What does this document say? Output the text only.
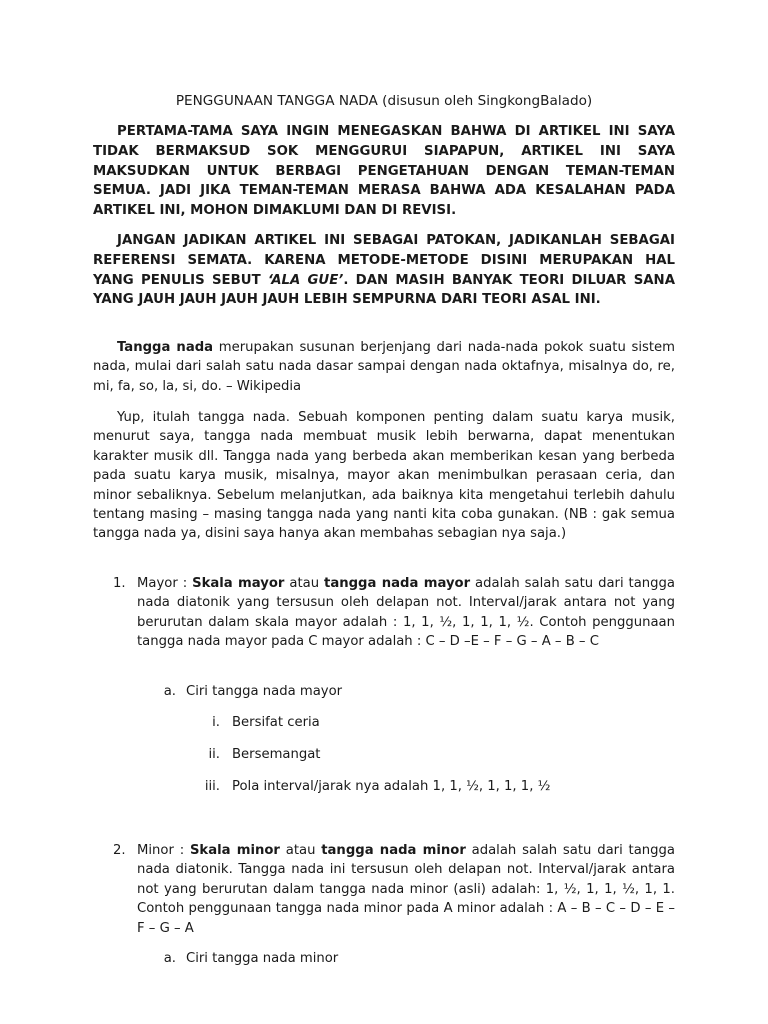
PENGGUNAAN TANGGA NADA (disusun oleh SingkongBalado)
PERTAMA-TAMA SAYA INGIN MENEGASKAN BAHWA DI ARTIKEL INI SAYA TIDAK BERMAKSUD SOK MENGGURUI SIAPAPUN, ARTIKEL INI SAYA MAKSUDKAN UNTUK BERBAGI PENGETAHUAN DENGAN TEMAN-TEMAN SEMUA. JADI JIKA TEMAN-TEMAN MERASA BAHWA ADA KESALAHAN PADA ARTIKEL INI, MOHON DIMAKLUMI DAN DI REVISI.
JANGAN JADIKAN ARTIKEL INI SEBAGAI PATOKAN, JADIKANLAH SEBAGAI REFERENSI SEMATA. KARENA METODE-METODE DISINI MERUPAKAN HAL YANG PENULIS SEBUT ‘ALA GUE’. DAN MASIH BANYAK TEORI DILUAR SANA YANG JAUH JAUH JAUH JAUH LEBIH SEMPURNA DARI TEORI ASAL INI.
Tangga nada merupakan susunan berjenjang dari nada-nada pokok suatu sistem nada, mulai dari salah satu nada dasar sampai dengan nada oktafnya, misalnya do, re, mi, fa, so, la, si, do. – Wikipedia
Yup, itulah tangga nada. Sebuah komponen penting dalam suatu karya musik, menurut saya, tangga nada membuat musik lebih berwarna, dapat menentukan karakter musik dll. Tangga nada yang berbeda akan memberikan kesan yang berbeda pada suatu karya musik, misalnya, mayor akan menimbulkan perasaan ceria, dan minor sebaliknya. Sebelum melanjutkan, ada baiknya kita mengetahui terlebih dahulu tentang masing – masing tangga nada yang nanti kita coba gunakan. (NB : gak semua tangga nada ya, disini saya hanya akan membahas sebagian nya saja.)
1. Mayor : Skala mayor atau tangga nada mayor adalah salah satu dari tangga nada diatonik yang tersusun oleh delapan not. Interval/jarak antara not yang berurutan dalam skala mayor adalah : 1, 1, ½, 1, 1, 1, ½. Contoh penggunaan tangga nada mayor pada C mayor adalah : C – D –E – F – G – A – B – C
a. Ciri tangga nada mayor
i. Bersifat ceria
ii. Bersemangat
iii. Pola interval/jarak nya adalah 1, 1, ½, 1, 1, 1, ½
2. Minor : Skala minor atau tangga nada minor adalah salah satu dari tangga nada diatonik. Tangga nada ini tersusun oleh delapan not. Interval/jarak antara not yang berurutan dalam tangga nada minor (asli) adalah: 1, ½, 1, 1, ½, 1, 1. Contoh penggunaan tangga nada minor pada A minor adalah : A – B – C – D – E – F – G – A
a. Ciri tangga nada minor
